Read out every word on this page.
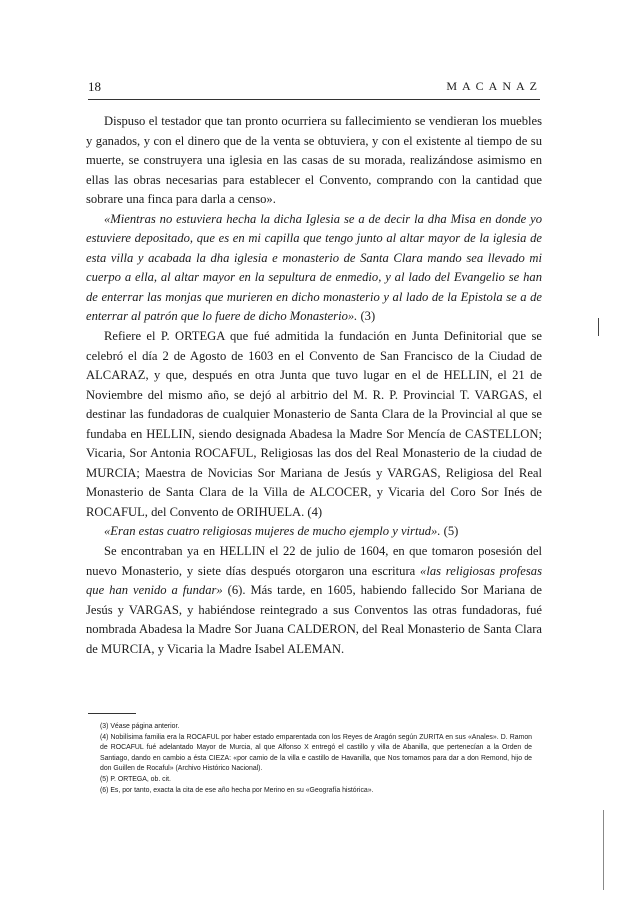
18	MACANAZ

Dispuso el testador que tan pronto ocurriera su fallecimiento se vendieran los muebles y ganados, y con el dinero que de la venta se obtuviera, y con el existente al tiempo de su muerte, se construyera una iglesia en las casas de su morada, realizándose asimismo en ellas las obras necesarias para establecer el Convento, comprando con la cantidad que sobrare una finca para darla a censo».

«Mientras no estuviera hecha la dicha Iglesia se a de decir la dha Misa en donde yo estuviere depositado, que es en mi capilla que tengo junto al altar mayor de la iglesia de esta villa y acabada la dha iglesia e monasterio de Santa Clara mando sea llevado mi cuerpo a ella, al altar mayor en la sepultura de enmedio, y al lado del Evangelio se han de enterrar las monjas que murieren en dicho monasterio y al lado de la Epistola se a de enterrar al patrón que lo fuere de dicho Monasterio». (3)

Refiere el P. ORTEGA que fué admitida la fundación en Junta Definitorial que se celebró el día 2 de Agosto de 1603 en el Convento de San Francisco de la Ciudad de ALCARAZ, y que, después en otra Junta que tuvo lugar en el de HELLIN, el 21 de Noviembre del mismo año, se dejó al arbitrio del M. R. P. Provincial T. VARGAS, el destinar las fundadoras de cualquier Monasterio de Santa Clara de la Provincial al que se fundaba en HELLIN, siendo designada Abadesa la Madre Sor Mencía de CASTELLON; Vicaria, Sor Antonia ROCAFUL, Religiosas las dos del Real Monasterio de la ciudad de MURCIA; Maestra de Novicias Sor Mariana de Jesús y VARGAS, Religiosa del Real Monasterio de Santa Clara de la Villa de ALCOCER, y Vicaria del Coro Sor Inés de ROCAFUL, del Convento de ORIHUELA. (4)

«Eran estas cuatro religiosas mujeres de mucho ejemplo y virtud». (5)

Se encontraban ya en HELLIN el 22 de julio de 1604, en que tomaron posesión del nuevo Monasterio, y siete días después otorgaron una escritura «las religiosas profesas que han venido a fundar» (6). Más tarde, en 1605, habiendo fallecido Sor Mariana de Jesús y VARGAS, y habiéndose reintegrado a sus Conventos las otras fundadoras, fué nombrada Abadesa la Madre Sor Juana CALDERON, del Real Monasterio de Santa Clara de MURCIA, y Vicaria la Madre Isabel ALEMAN.

(3) Véase página anterior.

(4) Nobilísima familia era la ROCAFUL por haber estado emparentada con los Reyes de Aragón según ZURITA en sus «Anales». D. Ramon de ROCAFUL fué adelantado Mayor de Murcia, al que Alfonso X entregó el castillo y villa de Abanilla, que pertenecían a la Orden de Santiago, dando en cambio a ésta CIEZA: «por camio de la villa e castillo de Havanilla, que Nos tomamos para dar a don Remond, hijo de don Guillen de Rocaful» (Archivo Histórico Nacional).

(5) P. ORTEGA, ob. cit.

(6) Es, por tanto, exacta la cita de ese año hecha por Merino en su «Geografía histórica».
